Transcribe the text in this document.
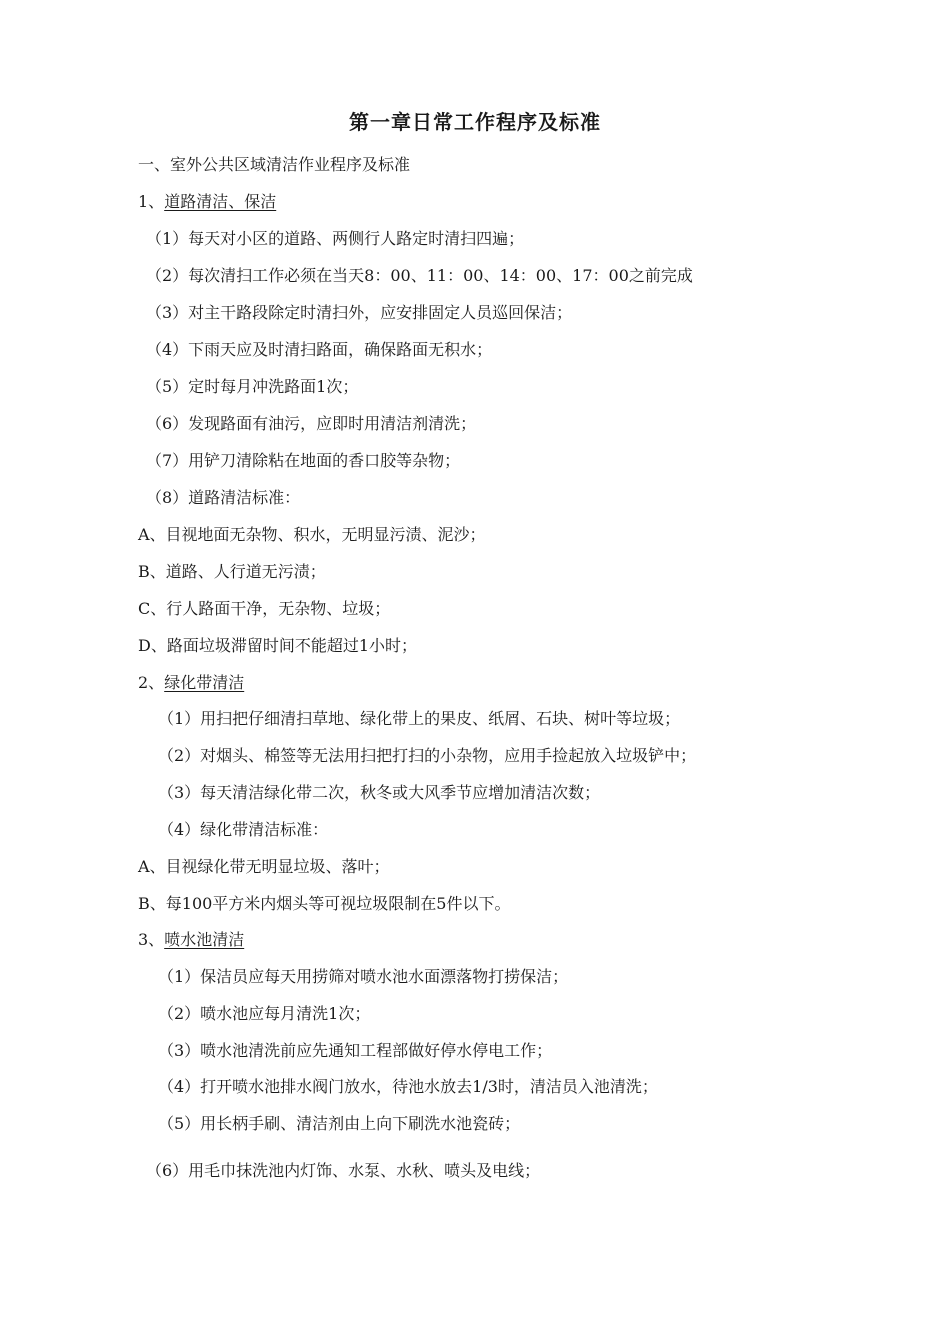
第一章日常工作程序及标准
一、室外公共区域清洁作业程序及标准
1、道路清洁、保洁
（1）每天对小区的道路、两侧行人路定时清扫四遍；
（2）每次清扫工作必须在当天8：00、11：00、14：00、17：00之前完成
（3）对主干路段除定时清扫外，应安排固定人员巡回保洁；
（4）下雨天应及时清扫路面，确保路面无积水；
（5）定时每月冲洗路面1次；
（6）发现路面有油污，应即时用清洁剂清洗；
（7）用铲刀清除粘在地面的香口胶等杂物；
（8）道路清洁标准：
A、目视地面无杂物、积水，无明显污渍、泥沙；
B、道路、人行道无污渍；
C、行人路面干净，无杂物、垃圾；
D、路面垃圾滞留时间不能超过1小时；
2、绿化带清洁
（1）用扫把仔细清扫草地、绿化带上的果皮、纸屑、石块、树叶等垃圾；
（2）对烟头、棉签等无法用扫把打扫的小杂物，应用手捡起放入垃圾铲中；
（3）每天清洁绿化带二次，秋冬或大风季节应增加清洁次数；
（4）绿化带清洁标准：
A、目视绿化带无明显垃圾、落叶；
B、每100平方米内烟头等可视垃圾限制在5件以下。
3、喷水池清洁
（1）保洁员应每天用捞筛对喷水池水面漂落物打捞保洁；
（2）喷水池应每月清洗1次；
（3）喷水池清洗前应先通知工程部做好停水停电工作；
（4）打开喷水池排水阀门放水，待池水放去1/3时，清洁员入池清洗；
（5）用长柄手刷、清洁剂由上向下刷洗水池瓷砖；
（6）用毛巾抹洗池内灯饰、水泵、水秋、喷头及电线；
